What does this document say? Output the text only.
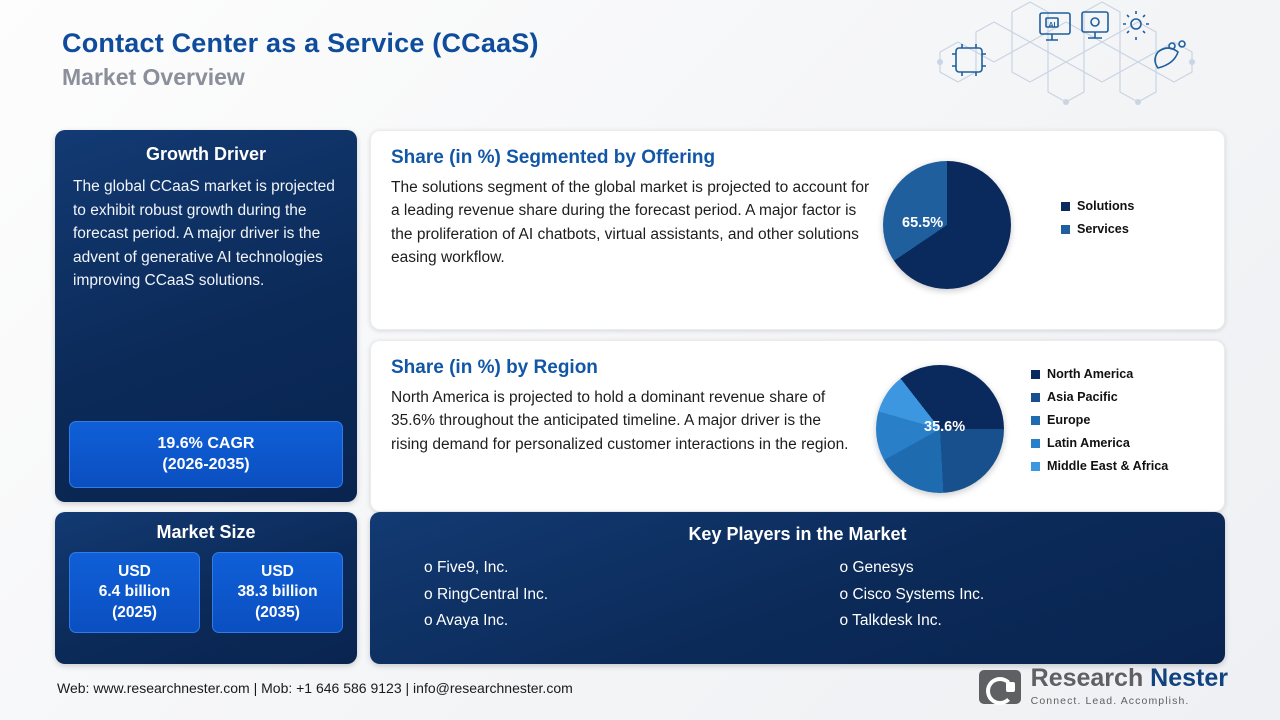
AI
Contact Center as a Service (CCaaS)
Market Overview
Growth Driver
The global CCaaS market is projected to exhibit robust growth during the forecast period. A major driver is the advent of generative AI technologies improving CCaaS solutions.
19.6% CAGR
(2026-2035)
Market Size
USD
6.4 billion
(2025)
USD
38.3 billion
(2035)
Share (in %) Segmented by Offering
The solutions segment of the global market is projected to account for a leading revenue share during the forecast period. A major factor is the proliferation of AI chatbots, virtual assistants, and other solutions easing workflow.
65.5%
Solutions
Services
Share (in %) by Region
North America is projected to hold a dominant revenue share of 35.6% throughout the anticipated timeline. A major driver is the rising demand for personalized customer interactions in the region.
35.6%
North America
Asia Pacific
Europe
Latin America
Middle East & Africa
Key Players in the Market
o Five9, Inc.
o RingCentral Inc.
o Avaya Inc.
o Genesys
o Cisco Systems Inc.
o Talkdesk Inc.
Web: www.researchnester.com | Mob: +1 646 586 9123 | info@researchnester.com	Research Nester
Connect. Lead. Accomplish.
